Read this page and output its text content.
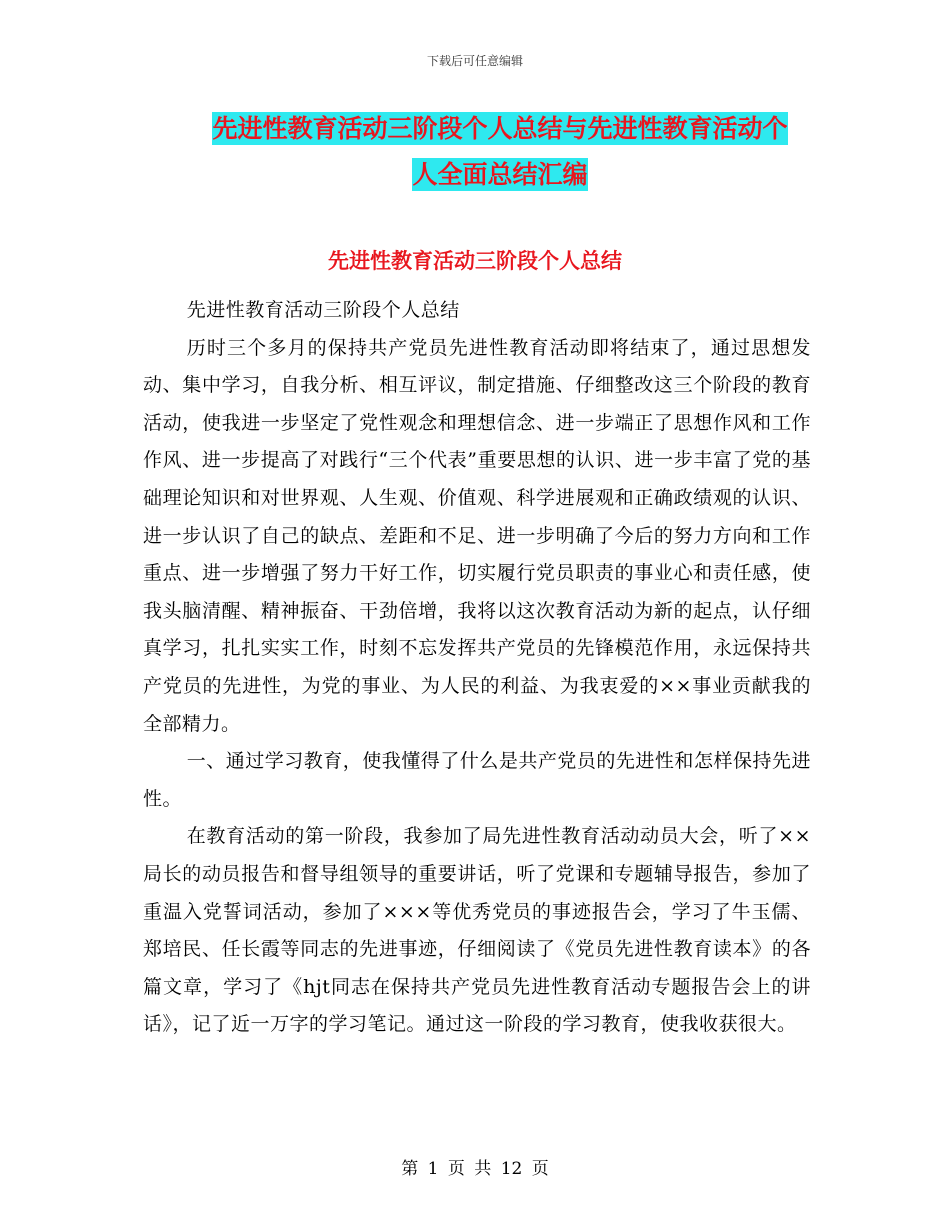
下载后可任意编辑
先进性教育活动三阶段个人总结与先进性教育活动个
人全面总结汇编
先进性教育活动三阶段个人总结

先进性教育活动三阶段个人总结

历时三个多月的保持共产党员先进性教育活动即将结束了，通过思想发动、集中学习，自我分析、相互评议，制定措施、仔细整改这三个阶段的教育活动，使我进一步坚定了党性观念和理想信念、进一步端正了思想作风和工作作风、进一步提高了对践行“三个代表”重要思想的认识、进一步丰富了党的基础理论知识和对世界观、人生观、价值观、科学进展观和正确政绩观的认识、进一步认识了自己的缺点、差距和不足、进一步明确了今后的努力方向和工作重点、进一步增强了努力干好工作，切实履行党员职责的事业心和责任感，使我头脑清醒、精神振奋、干劲倍增，我将以这次教育活动为新的起点，认仔细真学习，扎扎实实工作，时刻不忘发挥共产党员的先锋模范作用，永远保持共产党员的先进性，为党的事业、为人民的利益、为我衷爱的××事业贡献我的全部精力。

一、通过学习教育，使我懂得了什么是共产党员的先进性和怎样保持先进性。

在教育活动的第一阶段，我参加了局先进性教育活动动员大会，听了××局长的动员报告和督导组领导的重要讲话，听了党课和专题辅导报告，参加了重温入党誓词活动，参加了×××等优秀党员的事迹报告会，学习了牛玉儒、郑培民、任长霞等同志的先进事迹，仔细阅读了《党员先进性教育读本》的各篇文章，学习了《hjt同志在保持共产党员先进性教育活动专题报告会上的讲话》，记了近一万字的学习笔记。通过这一阶段的学习教育，使我收获很大。

第 1 页 共 12 页
